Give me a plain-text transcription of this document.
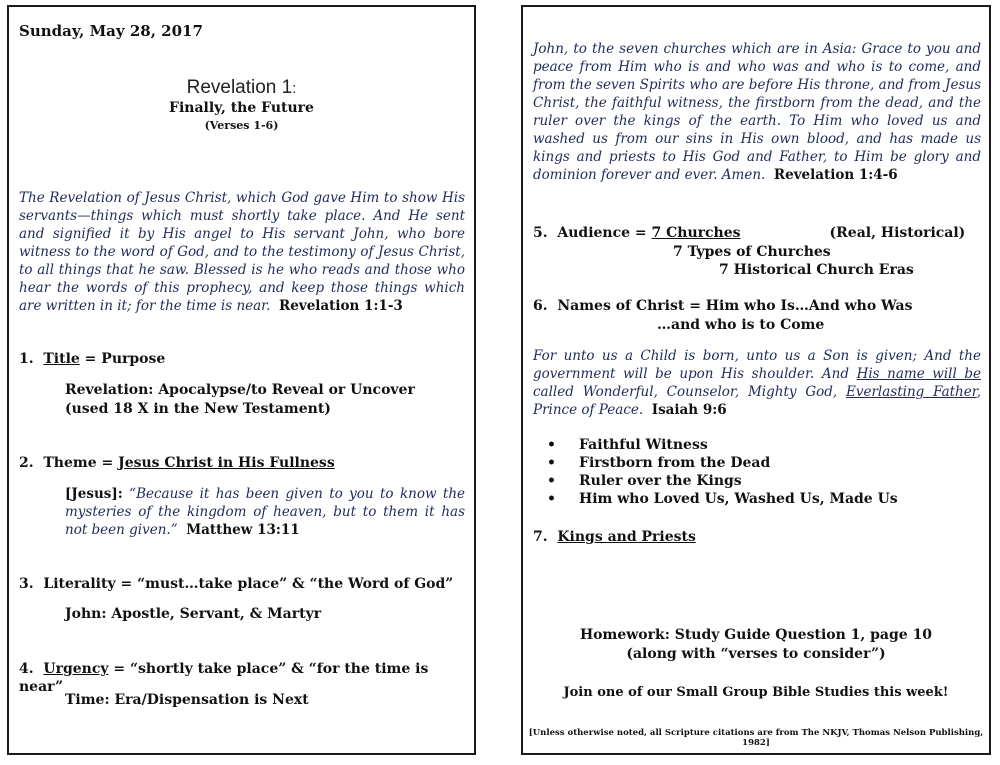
Sunday, May 28, 2017
Revelation 1:
Finally, the Future
(Verses 1-6)
The Revelation of Jesus Christ, which God gave Him to show His servants—things which must shortly take place. And He sent and signified it by His angel to His servant John, who bore witness to the word of God, and to the testimony of Jesus Christ, to all things that he saw. Blessed is he who reads and those who hear the words of this prophecy, and keep those things which are written in it; for the time is near. Revelation 1:1-3
1. Title = Purpose
Revelation: Apocalypse/to Reveal or Uncover
(used 18 X in the New Testament)
2. Theme = Jesus Christ in His Fullness
[Jesus]: “Because it has been given to you to know the mysteries of the kingdom of heaven, but to them it has not been given.” Matthew 13:11
3. Literality = “must…take place” & “the Word of God”
John: Apostle, Servant, & Martyr
4. Urgency = “shortly take place” & “for the time is near”
Time: Era/Dispensation is Next
John, to the seven churches which are in Asia: Grace to you and peace from Him who is and who was and who is to come, and from the seven Spirits who are before His throne, and from Jesus Christ, the faithful witness, the firstborn from the dead, and the ruler over the kings of the earth. To Him who loved us and washed us from our sins in His own blood, and has made us kings and priests to His God and Father, to Him be glory and dominion forever and ever. Amen. Revelation 1:4-6
5. Audience = 7 Churches	(Real, Historical)
7 Types of Churches
7 Historical Church Eras
6. Names of Christ = Him who Is…And who Was
…and who is to Come
For unto us a Child is born, unto us a Son is given; And the government will be upon His shoulder. And His name will be called Wonderful, Counselor, Mighty God, Everlasting Father, Prince of Peace. Isaiah 9:6
• Faithful Witness
• Firstborn from the Dead
• Ruler over the Kings
• Him who Loved Us, Washed Us, Made Us
7. Kings and Priests
Homework: Study Guide Question 1, page 10
(along with “verses to consider”)
Join one of our Small Group Bible Studies this week!
[Unless otherwise noted, all Scripture citations are from The NKJV, Thomas Nelson Publishing, 1982]
